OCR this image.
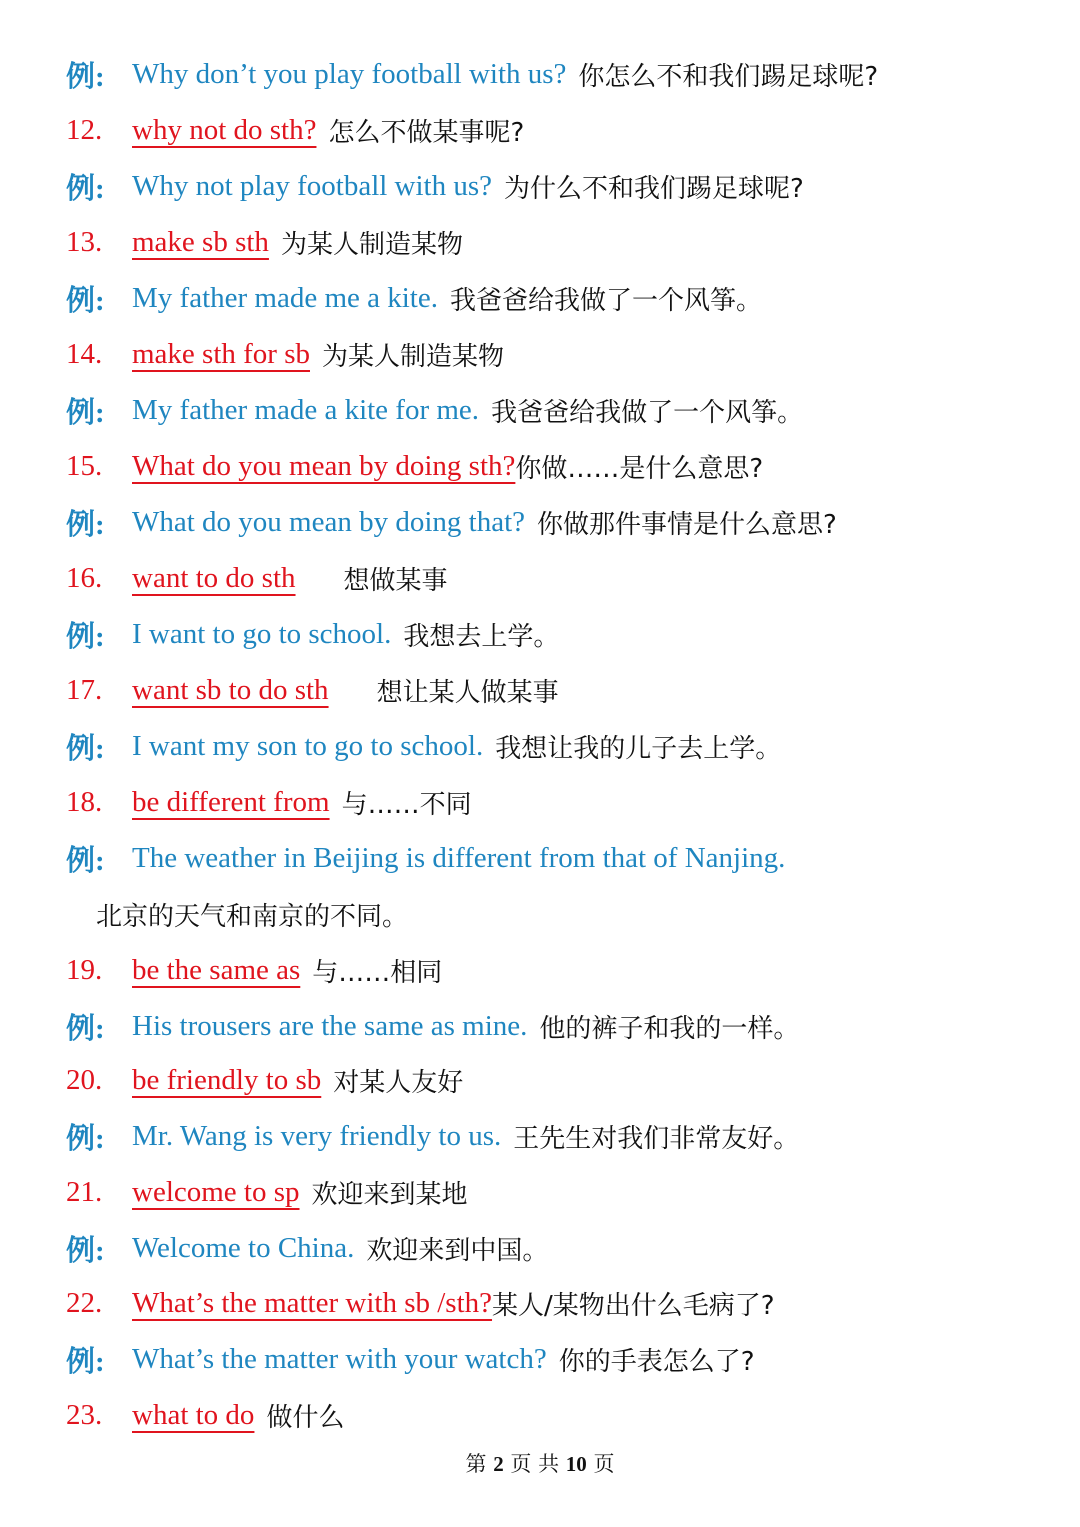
例: Why don’t you play football with us? 你怎么不和我们踢足球呢?
12.	why not do sth? 怎么不做某事呢?
例: Why not play football with us? 为什么不和我们踢足球呢?
13.	make sb sth 为某人制造某物
例: My father made me a kite. 我爸爸给我做了一个风筝。
14.	make sth for sb 为某人制造某物
例: My father made a kite for me. 我爸爸给我做了一个风筝。
15.	What do you mean by doing sth? 你做……是什么意思?
例: What do you mean by doing that? 你做那件事情是什么意思?
16.	want to do sth 想做某事
例: I want to go to school. 我想去上学。
17.	want sb to do sth 想让某人做某事
例: I want my son to go to school. 我想让我的儿子去上学。
18.	be different from 与……不同
例: The weather in Beijing is different from that of Nanjing.
北京的天气和南京的不同。
19.	be the same as 与……相同
例: His trousers are the same as mine. 他的裤子和我的一样。
20.	be friendly to sb 对某人友好
例: Mr. Wang is very friendly to us. 王先生对我们非常友好。
21.	welcome to sp 欢迎来到某地
例: Welcome to China. 欢迎来到中国。
22.	What’s the matter with sb /sth? 某人/某物出什么毛病了?
例: What’s the matter with your watch? 你的手表怎么了?
23.	what to do 做什么
第 2 页 共 10 页
